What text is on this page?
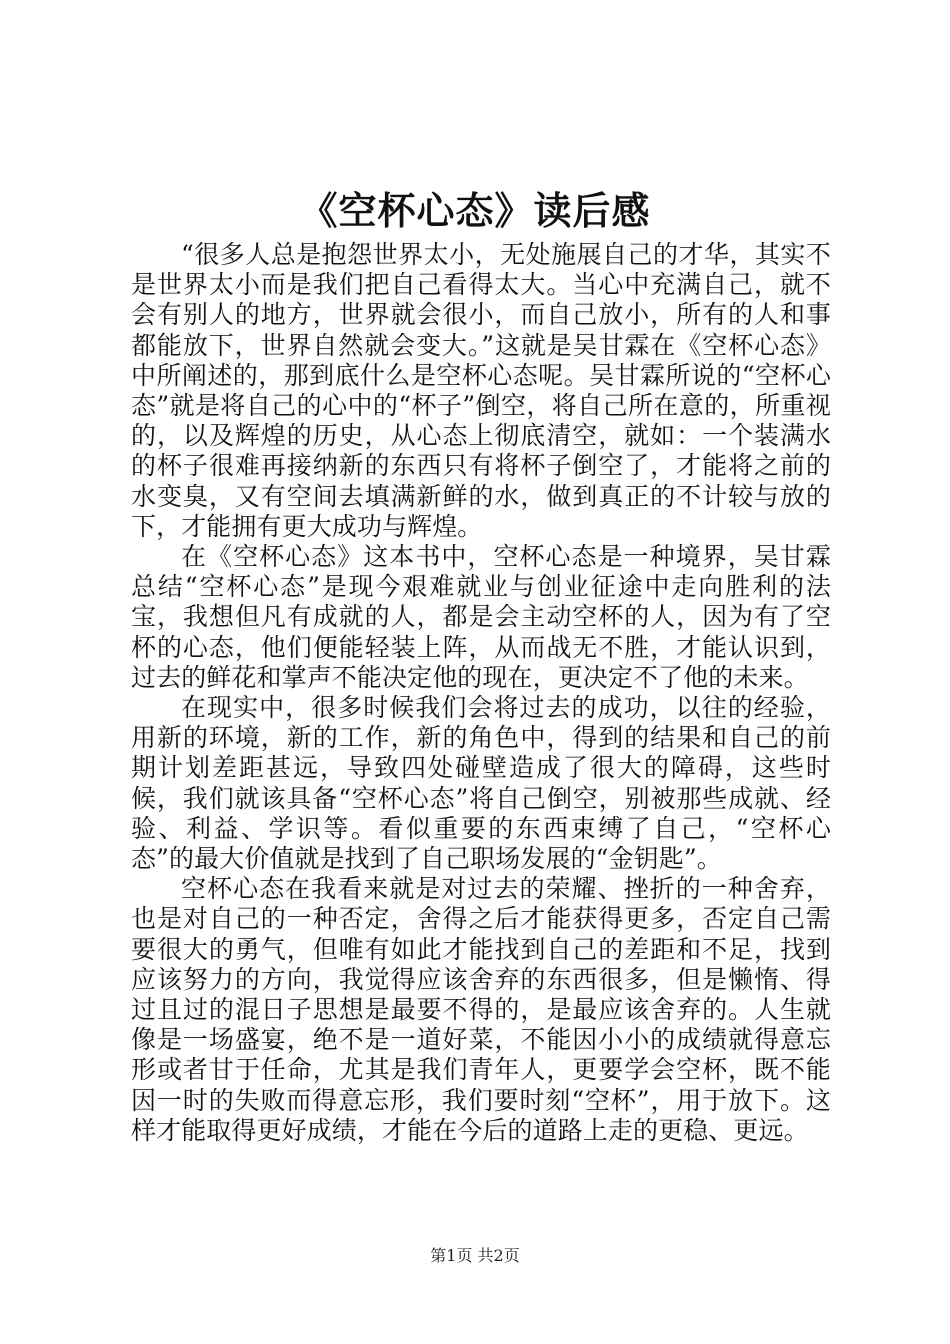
《空杯心态》读后感

“很多人总是抱怨世界太小，无处施展自己的才华，其实不是世界太小而是我们把自己看得太大。当心中充满自己，就不会有别人的地方，世界就会很小，而自己放小，所有的人和事都能放下，世界自然就会变大。”这就是吴甘霖在《空杯心态》中所阐述的，那到底什么是空杯心态呢。吴甘霖所说的“空杯心态”就是将自己的心中的“杯子”倒空，将自己所在意的，所重视的，以及辉煌的历史，从心态上彻底清空，就如：一个装满水的杯子很难再接纳新的东西只有将杯子倒空了，才能将之前的水变臭，又有空间去填满新鲜的水，做到真正的不计较与放的下，才能拥有更大成功与辉煌。

在《空杯心态》这本书中，空杯心态是一种境界，吴甘霖总结“空杯心态”是现今艰难就业与创业征途中走向胜利的法宝，我想但凡有成就的人，都是会主动空杯的人，因为有了空杯的心态，他们便能轻装上阵，从而战无不胜，才能认识到，过去的鲜花和掌声不能决定他的现在，更决定不了他的未来。

在现实中，很多时候我们会将过去的成功，以往的经验，用新的环境，新的工作，新的角色中，得到的结果和自己的前期计划差距甚远，导致四处碰壁造成了很大的障碍，这些时候，我们就该具备“空杯心态”将自己倒空，别被那些成就、经验、利益、学识等。看似重要的东西束缚了自己，“空杯心态”的最大价值就是找到了自己职场发展的“金钥匙”。

空杯心态在我看来就是对过去的荣耀、挫折的一种舍弃，也是对自己的一种否定，舍得之后才能获得更多，否定自己需要很大的勇气，但唯有如此才能找到自己的差距和不足，找到应该努力的方向，我觉得应该舍弃的东西很多，但是懒惰、得过且过的混日子思想是最要不得的，是最应该舍弃的。人生就像是一场盛宴，绝不是一道好菜，不能因小小的成绩就得意忘形或者甘于任命，尤其是我们青年人，更要学会空杯，既不能因一时的失败而得意忘形，我们要时刻“空杯”，用于放下。这样才能取得更好成绩，才能在今后的道路上走的更稳、更远。

第1页 共2页
